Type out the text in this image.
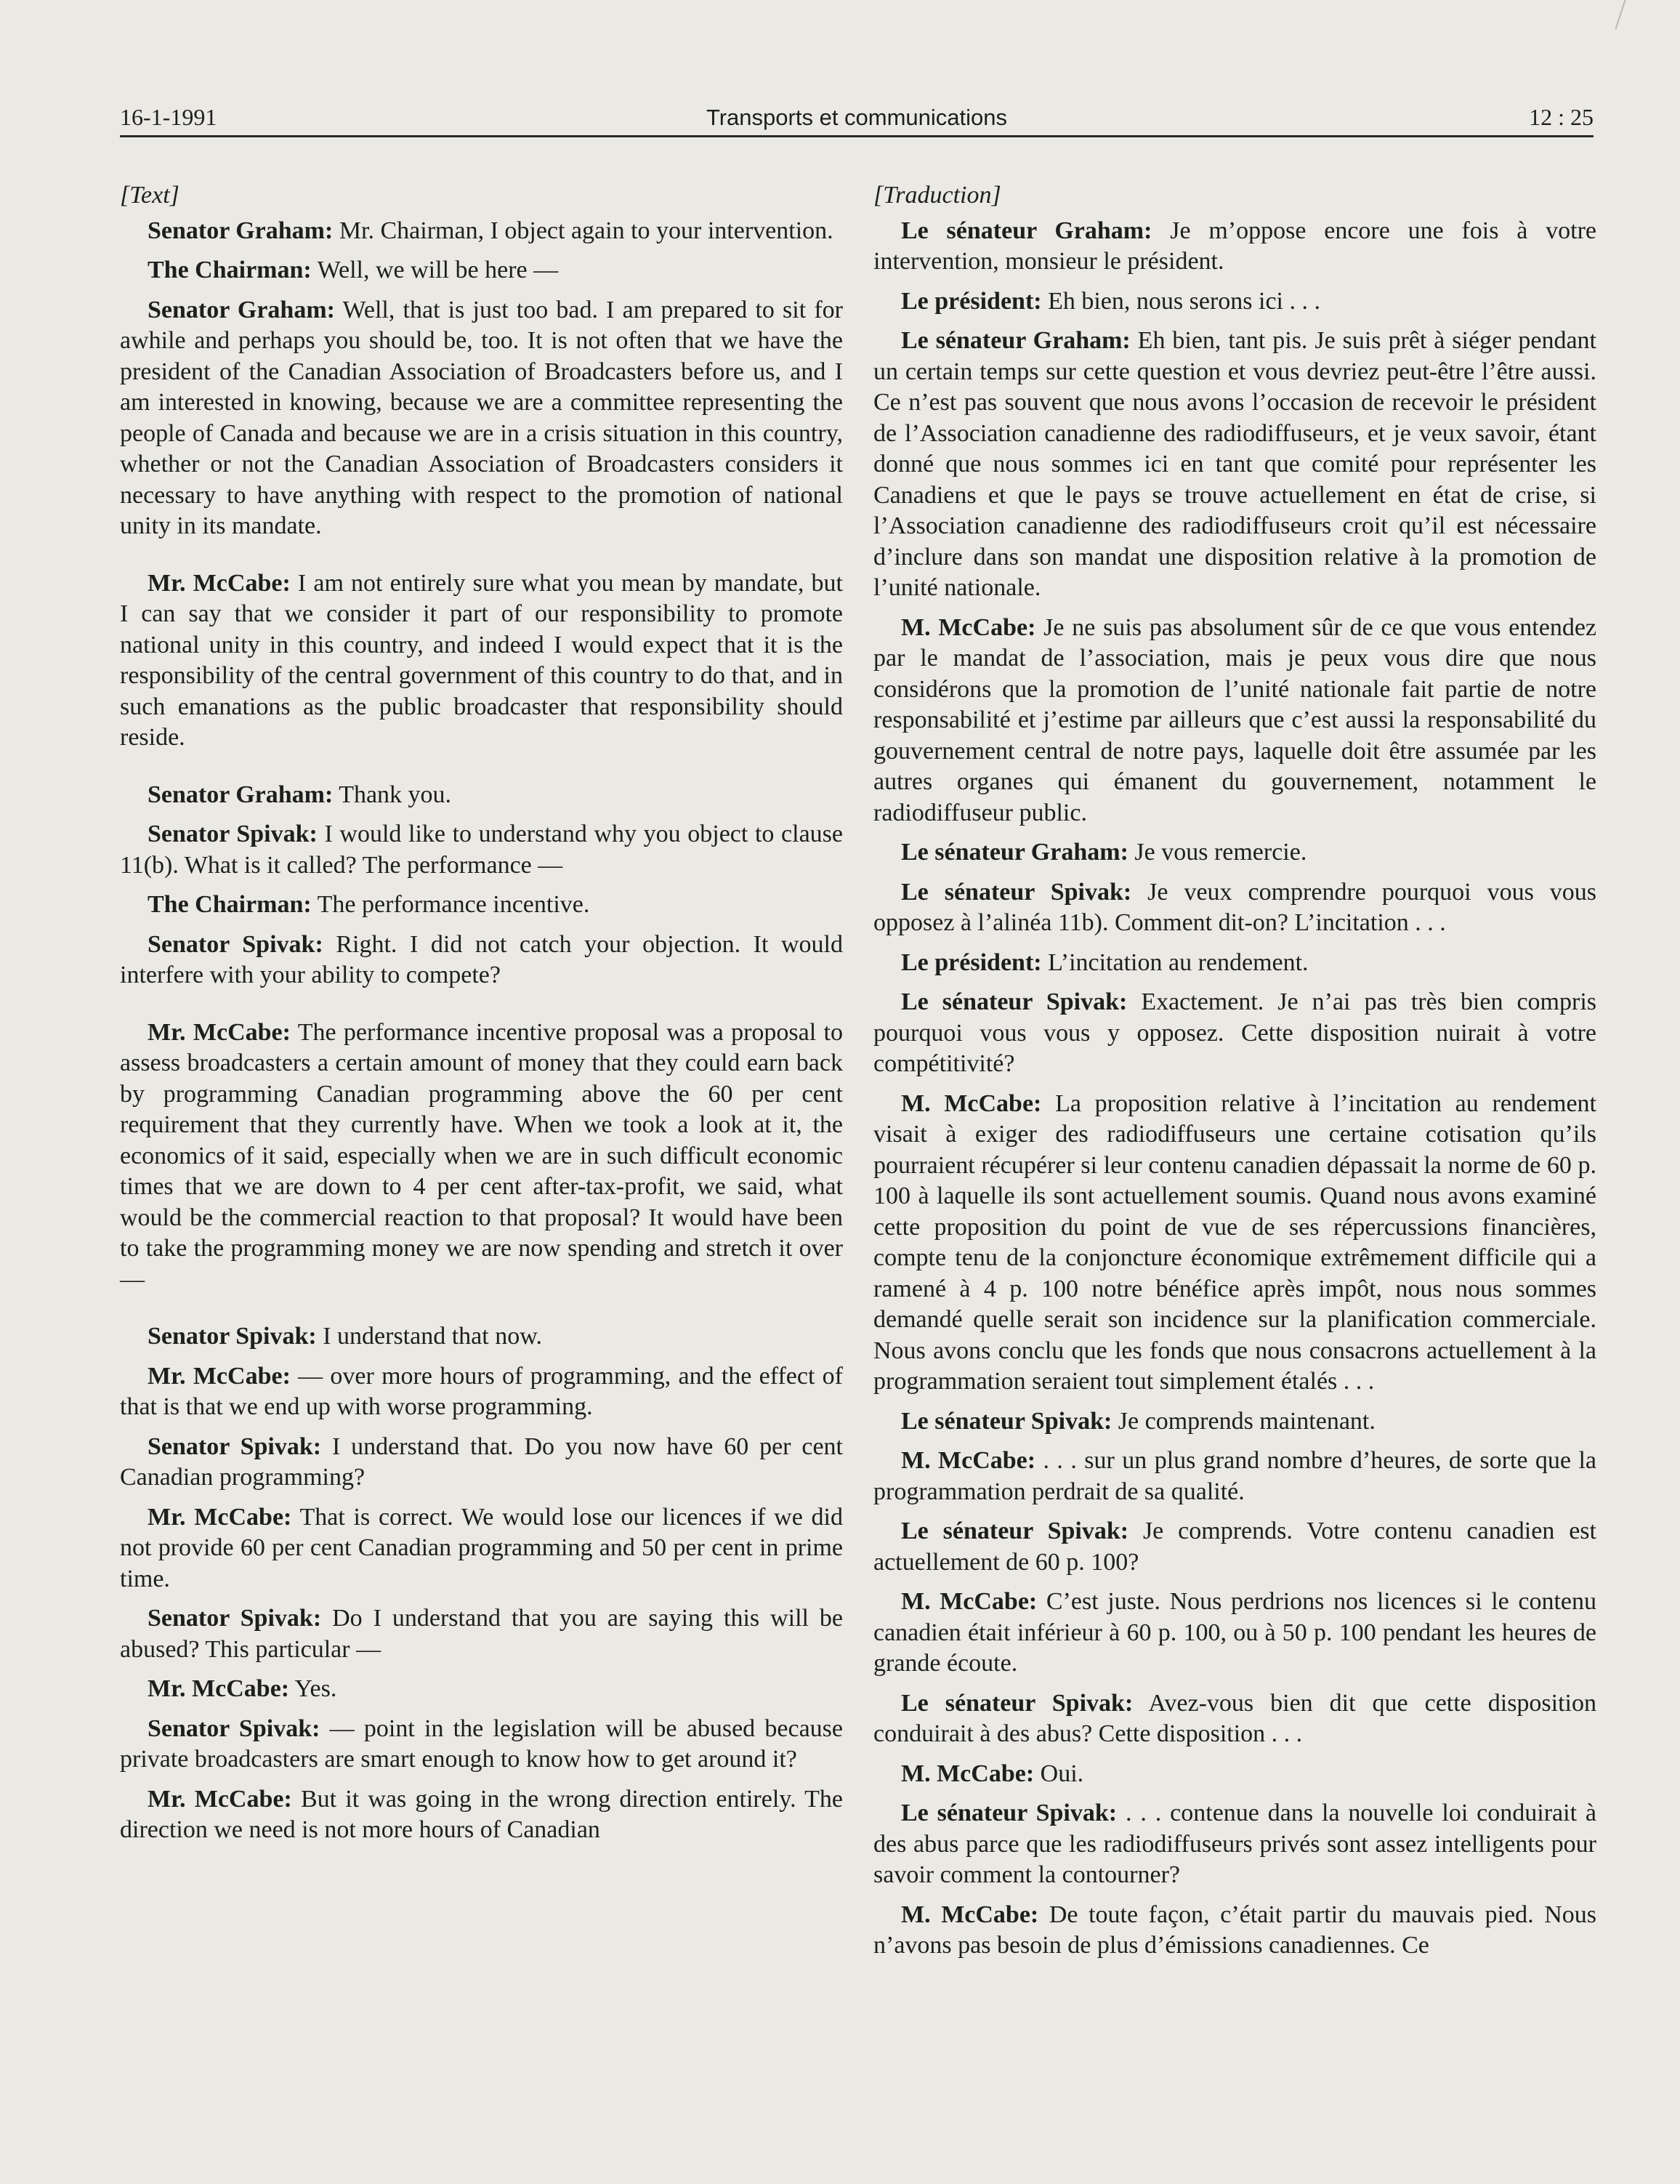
16-1-1991	Transports et communications	12 : 25

[Text]

Senator Graham: Mr. Chairman, I object again to your intervention.

The Chairman: Well, we will be here —

Senator Graham: Well, that is just too bad. I am prepared to sit for awhile and perhaps you should be, too. It is not often that we have the president of the Canadian Association of Broadcasters before us, and I am interested in knowing, because we are a committee representing the people of Canada and because we are in a crisis situation in this country, whether or not the Canadian Association of Broadcasters considers it necessary to have anything with respect to the promotion of national unity in its mandate.

Mr. McCabe: I am not entirely sure what you mean by mandate, but I can say that we consider it part of our responsibility to promote national unity in this country, and indeed I would expect that it is the responsibility of the central government of this country to do that, and in such emanations as the public broadcaster that responsibility should reside.

Senator Graham: Thank you.

Senator Spivak: I would like to understand why you object to clause 11(b). What is it called? The performance —

The Chairman: The performance incentive.

Senator Spivak: Right. I did not catch your objection. It would interfere with your ability to compete?

Mr. McCabe: The performance incentive proposal was a proposal to assess broadcasters a certain amount of money that they could earn back by programming Canadian programming above the 60 per cent requirement that they currently have. When we took a look at it, the economics of it said, especially when we are in such difficult economic times that we are down to 4 per cent after-tax-profit, we said, what would be the commercial reaction to that proposal? It would have been to take the programming money we are now spending and stretch it over —

Senator Spivak: I understand that now.

Mr. McCabe: — over more hours of programming, and the effect of that is that we end up with worse programming.

Senator Spivak: I understand that. Do you now have 60 per cent Canadian programming?

Mr. McCabe: That is correct. We would lose our licences if we did not provide 60 per cent Canadian programming and 50 per cent in prime time.

Senator Spivak: Do I understand that you are saying this will be abused? This particular —

Mr. McCabe: Yes.

Senator Spivak: — point in the legislation will be abused because private broadcasters are smart enough to know how to get around it?

Mr. McCabe: But it was going in the wrong direction entirely. The direction we need is not more hours of Canadian

[Traduction]

Le sénateur Graham: Je m’oppose encore une fois à votre intervention, monsieur le président.

Le président: Eh bien, nous serons ici . . .

Le sénateur Graham: Eh bien, tant pis. Je suis prêt à siéger pendant un certain temps sur cette question et vous devriez peut-être l’être aussi. Ce n’est pas souvent que nous avons l’occasion de recevoir le président de l’Association canadienne des radiodiffuseurs, et je veux savoir, étant donné que nous sommes ici en tant que comité pour représenter les Canadiens et que le pays se trouve actuellement en état de crise, si l’Association canadienne des radiodiffuseurs croit qu’il est nécessaire d’inclure dans son mandat une disposition relative à la promotion de l’unité nationale.

M. McCabe: Je ne suis pas absolument sûr de ce que vous entendez par le mandat de l’association, mais je peux vous dire que nous considérons que la promotion de l’unité nationale fait partie de notre responsabilité et j’estime par ailleurs que c’est aussi la responsabilité du gouvernement central de notre pays, laquelle doit être assumée par les autres organes qui émanent du gouvernement, notamment le radiodiffuseur public.

Le sénateur Graham: Je vous remercie.

Le sénateur Spivak: Je veux comprendre pourquoi vous vous opposez à l’alinéa 11b). Comment dit-on? L’incitation . . .

Le président: L’incitation au rendement.

Le sénateur Spivak: Exactement. Je n’ai pas très bien compris pourquoi vous vous y opposez. Cette disposition nuirait à votre compétitivité?

M. McCabe: La proposition relative à l’incitation au rendement visait à exiger des radiodiffuseurs une certaine cotisation qu’ils pourraient récupérer si leur contenu canadien dépassait la norme de 60 p. 100 à laquelle ils sont actuellement soumis. Quand nous avons examiné cette proposition du point de vue de ses répercussions financières, compte tenu de la conjoncture économique extrêmement difficile qui a ramené à 4 p. 100 notre bénéfice après impôt, nous nous sommes demandé quelle serait son incidence sur la planification commerciale. Nous avons conclu que les fonds que nous consacrons actuellement à la programmation seraient tout simplement étalés . . .

Le sénateur Spivak: Je comprends maintenant.

M. McCabe: . . . sur un plus grand nombre d’heures, de sorte que la programmation perdrait de sa qualité.

Le sénateur Spivak: Je comprends. Votre contenu canadien est actuellement de 60 p. 100?

M. McCabe: C’est juste. Nous perdrions nos licences si le contenu canadien était inférieur à 60 p. 100, ou à 50 p. 100 pendant les heures de grande écoute.

Le sénateur Spivak: Avez-vous bien dit que cette disposition conduirait à des abus? Cette disposition . . .

M. McCabe: Oui.

Le sénateur Spivak: . . . contenue dans la nouvelle loi conduirait à des abus parce que les radiodiffuseurs privés sont assez intelligents pour savoir comment la contourner?

M. McCabe: De toute façon, c’était partir du mauvais pied. Nous n’avons pas besoin de plus d’émissions canadiennes. Ce
